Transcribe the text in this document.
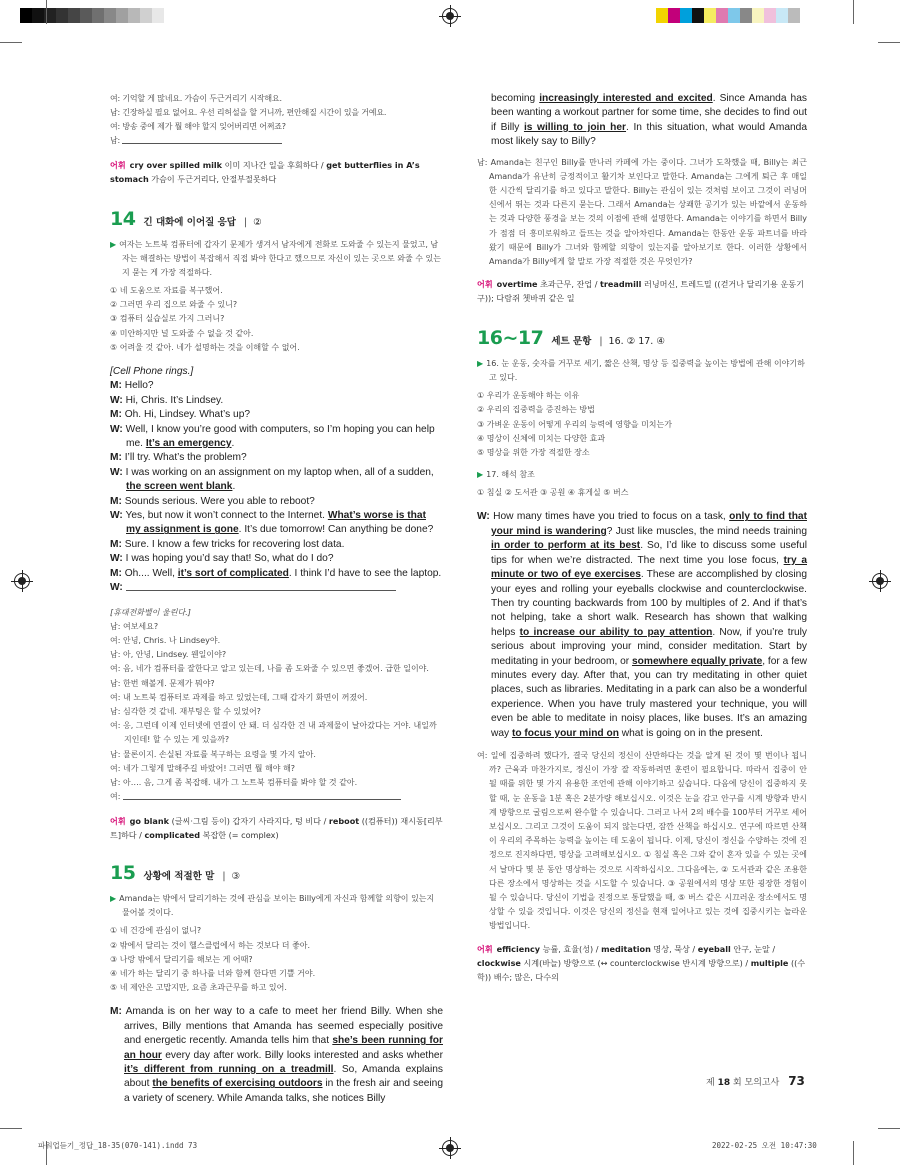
여: 기억할 게 많네요. 가슴이 두근거리기 시작해요.
남: 긴장하실 필요 없어요. 우선 리허설을 할 거니까, 편안해질 시간이 있을 거예요.
여: 방송 중에 제가 뭘 해야 할지 잊어버리면 어쩌죠?
남:
어휘 cry over spilled milk 이미 지나간 일을 후회하다 / get butterflies in A’s stomach 가슴이 두근거리다, 안절부절못하다
14 긴 대화에 이어질 응답 | ②
▶ 여자는 노트북 컴퓨터에 갑자기 문제가 생겨서 남자에게 전화로 도와줄 수 있는지 물었고, 남자는 해결하는 방법이 복잡해서 직접 봐야 한다고 했으므로 자신이 있는 곳으로 와줄 수 있는지 묻는 게 가장 적절하다.
① 네 도움으로 자료를 복구했어.
② 그러면 우리 집으로 와줄 수 있니?
③ 컴퓨터 실습실로 가지 그러니?
④ 미안하지만 널 도와줄 수 없을 것 같아.
⑤ 어려울 것 같아. 네가 설명하는 것을 이해할 수 없어.
[Cell Phone rings.]
M: Hello?
W: Hi, Chris. It’s Lindsey.
M: Oh. Hi, Lindsey. What’s up?
W: Well, I know you’re good with computers, so I’m hoping you can help me. It’s an emergency.
M: I’ll try. What’s the problem?
W: I was working on an assignment on my laptop when, all of a sudden, the screen went blank.
M: Sounds serious. Were you able to reboot?
W: Yes, but now it won’t connect to the Internet. What’s worse is that my assignment is gone. It’s due tomorrow! Can anything be done?
M: Sure. I know a few tricks for recovering lost data.
W: I was hoping you’d say that! So, what do I do?
M: Oh.... Well, it’s sort of complicated. I think I’d have to see the laptop.
W:
[휴대전화벨이 울린다.]
남: 여보세요?
여: 안녕, Chris. 나 Lindsey야.
남: 아, 안녕, Lindsey. 웬일이야?
여: 음, 네가 컴퓨터를 잘한다고 알고 있는데, 나를 좀 도와줄 수 있으면 좋겠어. 급한 일이야.
남: 한번 해볼게. 문제가 뭐야?
여: 내 노트북 컴퓨터로 과제를 하고 있었는데, 그때 갑자기 화면이 꺼졌어.
남: 심각한 것 같네. 재부팅은 할 수 있었어?
여: 응, 그런데 이제 인터넷에 연결이 안 돼. 더 심각한 건 내 과제물이 날아갔다는 거야. 내일까지인데! 할 수 있는 게 있을까?
남: 물론이지. 손실된 자료를 복구하는 요령을 몇 가지 알아.
여: 네가 그렇게 말해주길 바랐어! 그러면 뭘 해야 해?
남: 아…. 음, 그게 좀 복잡해. 내가 그 노트북 컴퓨터를 봐야 할 것 같아.
여:
어휘 go blank (글씨·그림 등이) 갑자기 사라지다, 텅 비다 / reboot ((컴퓨터)) 재시동[리부트]하다 / complicated 복잡한 (= complex)
15 상황에 적절한 말 | ③
▶ Amanda는 밖에서 달리기하는 것에 관심을 보이는 Billy에게 자신과 함께할 의향이 있는지 물어볼 것이다.
① 네 건강에 관심이 없니?
② 밖에서 달리는 것이 헬스클럽에서 하는 것보다 더 좋아.
③ 나랑 밖에서 달리기를 해보는 게 어때?
④ 네가 하는 달리기 중 하나를 너와 함께 한다면 기쁠 거야.
⑤ 네 제안은 고맙지만, 요즘 초과근무를 하고 있어.
M: Amanda is on her way to a cafe to meet her friend Billy. When she arrives, Billy mentions that Amanda has seemed especially positive and energetic recently. Amanda tells him that she’s been running for an hour every day after work. Billy looks interested and asks whether it’s different from running on a treadmill. So, Amanda explains about the benefits of exercising outdoors in the fresh air and seeing a variety of scenery. While Amanda talks, she notices Billy
becoming increasingly interested and excited. Since Amanda has been wanting a workout partner for some time, she decides to find out if Billy is willing to join her. In this situation, what would Amanda most likely say to Billy?
남: Amanda는 친구인 Billy를 만나러 카페에 가는 중이다. 그녀가 도착했을 때, Billy는 최근 Amanda가 유난히 긍정적이고 활기차 보인다고 말한다. Amanda는 그에게 퇴근 후 매일 한 시간씩 달리기를 하고 있다고 말한다. Billy는 관심이 있는 것처럼 보이고 그것이 러닝머신에서 뛰는 것과 다른지 묻는다. 그래서 Amanda는 상쾌한 공기가 있는 바깥에서 운동하는 것과 다양한 풍경을 보는 것의 이점에 관해 설명한다. Amanda는 이야기를 하면서 Billy가 점점 더 흥미로워하고 들뜨는 것을 알아차린다. Amanda는 한동안 운동 파트너를 바라왔기 때문에 Billy가 그녀와 함께할 의향이 있는지를 알아보기로 한다. 이러한 상황에서 Amanda가 Billy에게 할 말로 가장 적절한 것은 무엇인가?
어휘 overtime 초과근무, 잔업 / treadmill 러닝머신, 트레드밀 ((걷거나 달리기용 운동기구)); 다람쥐 쳇바퀴 같은 일
16~17 세트 문항 | 16. ② 17. ④
▶ 16. 눈 운동, 숫자를 거꾸로 세기, 짧은 산책, 명상 등 집중력을 높이는 방법에 관해 이야기하고 있다.
① 우리가 운동해야 하는 이유
② 우리의 집중력을 증진하는 방법
③ 가벼운 운동이 어떻게 우리의 능력에 영향을 미치는가
④ 명상이 신체에 미치는 다양한 효과
⑤ 명상을 위한 가장 적절한 장소
▶ 17. 해석 참조
① 침실 ② 도서관 ③ 공원 ④ 휴게실 ⑤ 버스
W: How many times have you tried to focus on a task, only to find that your mind is wandering? Just like muscles, the mind needs training in order to perform at its best. So, I’d like to discuss some useful tips for when we’re distracted. The next time you lose focus, try a minute or two of eye exercises. These are accomplished by closing your eyes and rolling your eyeballs clockwise and counterclockwise. Then try counting backwards from 100 by multiples of 2. And if that’s not helping, take a short walk. Research has shown that walking helps to increase our ability to pay attention. Now, if you’re truly serious about improving your mind, consider meditation. Start by meditating in your bedroom, or somewhere equally private, for a few minutes every day. After that, you can try meditating in other quiet places, such as libraries. Meditating in a park can also be a wonderful experience. When you have truly mastered your technique, you will even be able to meditate in noisy places, like buses. It’s an amazing way to focus your mind on what is going on in the present.
여: 일에 집중하려 했다가, 결국 당신의 정신이 산만하다는 것을 알게 된 것이 몇 번이나 됩니까? 근육과 마찬가지로, 정신이 가장 잘 작동하려면 훈련이 필요합니다. 따라서 집중이 안 될 때를 위한 몇 가지 유용한 조언에 관해 이야기하고 싶습니다. 다음에 당신이 집중하지 못할 때, 눈 운동을 1분 혹은 2분가량 해보십시오. 이것은 눈을 감고 안구를 시계 방향과 반시계 방향으로 굴림으로써 완수할 수 있습니다. 그러고 나서 2의 배수를 100부터 거꾸로 세어 보십시오. 그리고 그것이 도움이 되지 않는다면, 잠깐 산책을 하십시오. 연구에 따르면 산책이 우리의 주목하는 능력을 높이는 데 도움이 됩니다. 이제, 당신이 정신을 수양하는 것에 진정으로 진지하다면, 명상을 고려해보십시오. ① 침실 혹은 그와 같이 혼자 있을 수 있는 곳에서 날마다 몇 분 동안 명상하는 것으로 시작하십시오. 그다음에는, ② 도서관과 같은 조용한 다른 장소에서 명상하는 것을 시도할 수 있습니다. ③ 공원에서의 명상 또한 굉장한 경험이 될 수 있습니다. 당신이 기법을 진정으로 통달했을 때, ⑤ 버스 같은 시끄러운 장소에서도 명상할 수 있을 것입니다. 이것은 당신의 정신을 현재 일어나고 있는 것에 집중시키는 놀라운 방법입니다.
어휘 efficiency 능률, 효율(성) / meditation 명상, 묵상 / eyeball 안구, 눈알 / clockwise 시계(바늘) 방향으로 (↔ counterclockwise 반시계 방향으로) / multiple ((수학)) 배수; 많은, 다수의
제 18 회 모의고사 73
파워업듣기_정답_18-35(070-141).indd 73	2022-02-25 오전 10:47:30
